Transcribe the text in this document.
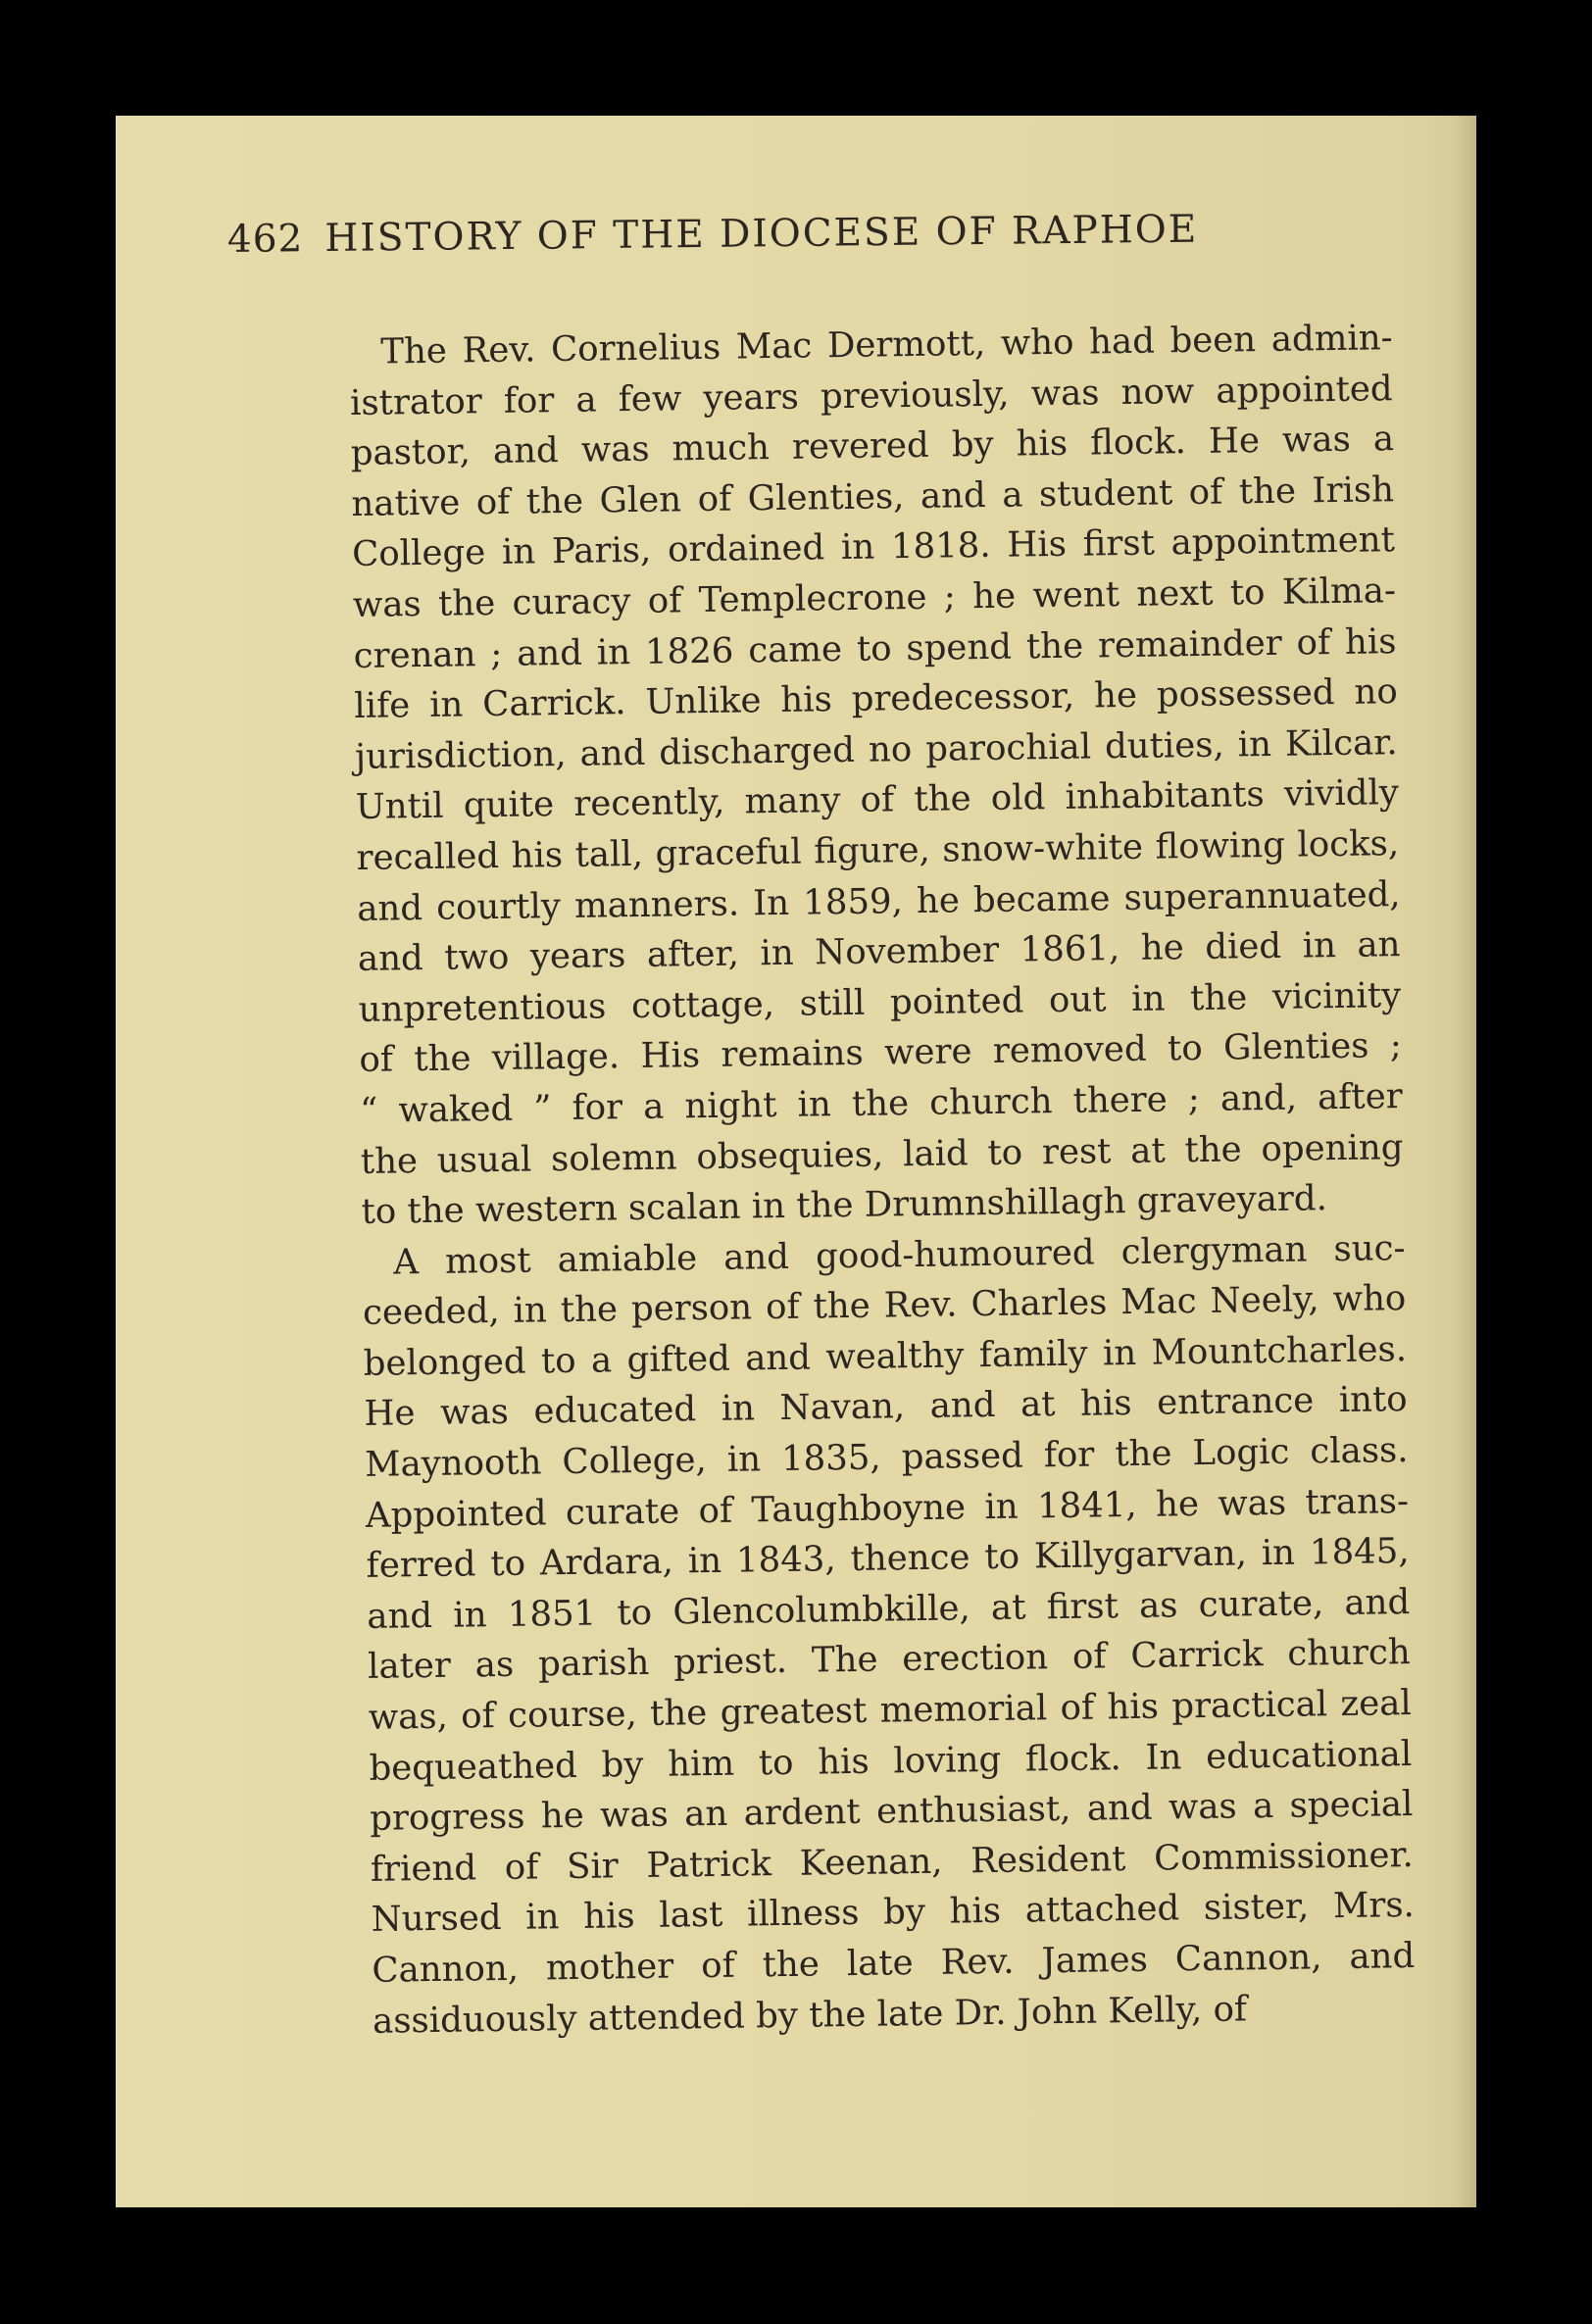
462 HISTORY OF THE DIOCESE OF RAPHOE
The Rev. Cornelius Mac Dermott, who had been admin-
istrator for a few years previously, was now appointed
pastor, and was much revered by his flock. He was a
native of the Glen of Glenties, and a student of the Irish
College in Paris, ordained in 1818. His first appointment
was the curacy of Templecrone ; he went next to Kilma-
crenan ; and in 1826 came to spend the remainder of his
life in Carrick. Unlike his predecessor, he possessed no
jurisdiction, and discharged no parochial duties, in Kilcar.
Until quite recently, many of the old inhabitants vividly
recalled his tall, graceful figure, snow-white flowing locks,
and courtly manners. In 1859, he became superannuated,
and two years after, in November 1861, he died in an
unpretentious cottage, still pointed out in the vicinity
of the village. His remains were removed to Glenties ;
“ waked ” for a night in the church there ; and, after
the usual solemn obsequies, laid to rest at the opening
to the western scalan in the Drumnshillagh graveyard.
A most amiable and good-humoured clergyman suc-
ceeded, in the person of the Rev. Charles Mac Neely, who
belonged to a gifted and wealthy family in Mountcharles.
He was educated in Navan, and at his entrance into
Maynooth College, in 1835, passed for the Logic class.
Appointed curate of Taughboyne in 1841, he was trans-
ferred to Ardara, in 1843, thence to Killygarvan, in 1845,
and in 1851 to Glencolumbkille, at first as curate, and
later as parish priest. The erection of Carrick church
was, of course, the greatest memorial of his practical zeal
bequeathed by him to his loving flock. In educational
progress he was an ardent enthusiast, and was a special
friend of Sir Patrick Keenan, Resident Commissioner.
Nursed in his last illness by his attached sister, Mrs.
Cannon, mother of the late Rev. James Cannon, and
assiduously attended by the late Dr. John Kelly, of
